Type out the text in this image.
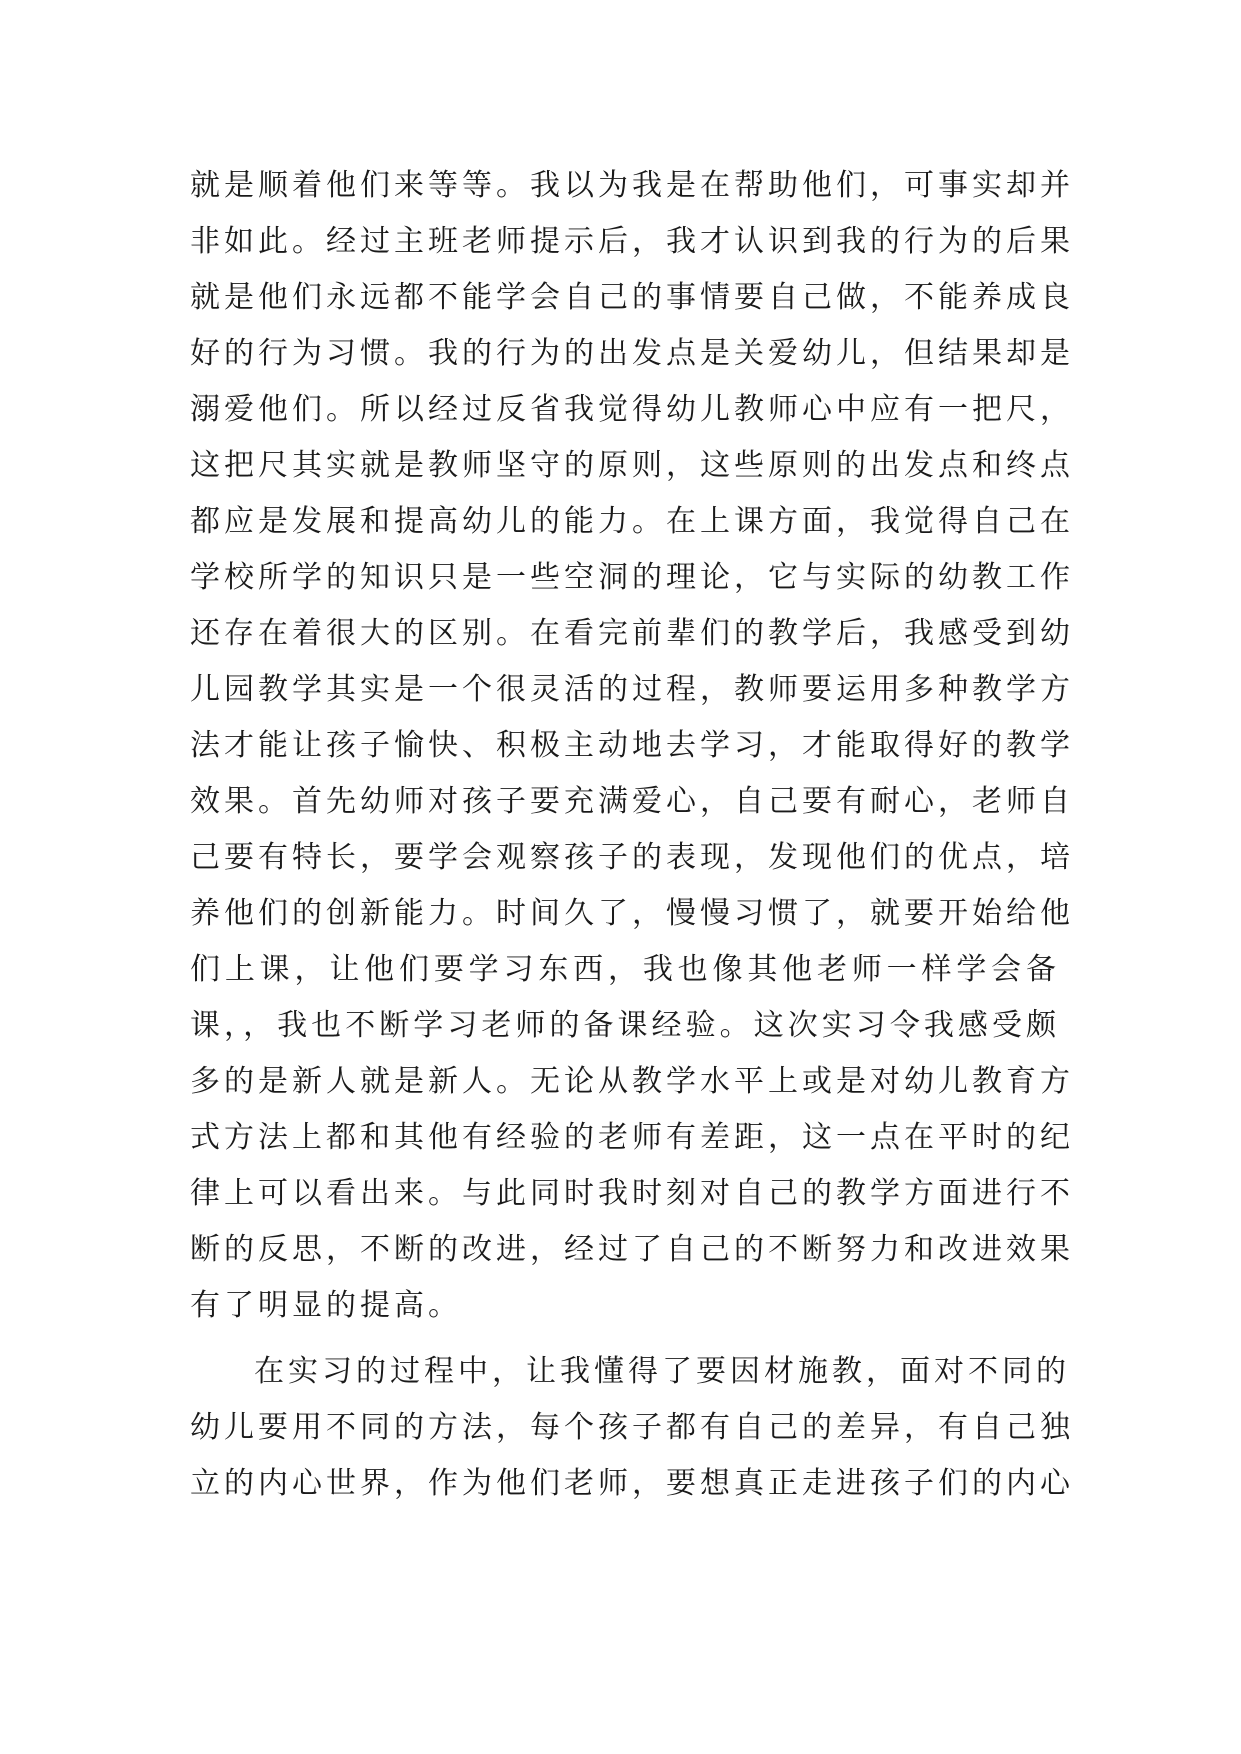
就是顺着他们来等等。我以为我是在帮助他们，可事实却并
非如此。经过主班老师提示后，我才认识到我的行为的后果
就是他们永远都不能学会自己的事情要自己做，不能养成良
好的行为习惯。我的行为的出发点是关爱幼儿，但结果却是
溺爱他们。所以经过反省我觉得幼儿教师心中应有一把尺，
这把尺其实就是教师坚守的原则，这些原则的出发点和终点
都应是发展和提高幼儿的能力。在上课方面，我觉得自己在
学校所学的知识只是一些空洞的理论，它与实际的幼教工作
还存在着很大的区别。在看完前辈们的教学后，我感受到幼
儿园教学其实是一个很灵活的过程，教师要运用多种教学方
法才能让孩子愉快、积极主动地去学习，才能取得好的教学
效果。首先幼师对孩子要充满爱心，自己要有耐心，老师自
己要有特长，要学会观察孩子的表现，发现他们的优点，培
养他们的创新能力。时间久了，慢慢习惯了，就要开始给他
们上课，让他们要学习东西，我也像其他老师一样学会备
课，，我也不断学习老师的备课经验。这次实习令我感受颇
多的是新人就是新人。无论从教学水平上或是对幼儿教育方
式方法上都和其他有经验的老师有差距，这一点在平时的纪
律上可以看出来。与此同时我时刻对自己的教学方面进行不
断的反思，不断的改进，经过了自己的不断努力和改进效果
有了明显的提高。
在实习的过程中，让我懂得了要因材施教，面对不同的
幼儿要用不同的方法，每个孩子都有自己的差异，有自己独
立的内心世界，作为他们老师，要想真正走进孩子们的内心
